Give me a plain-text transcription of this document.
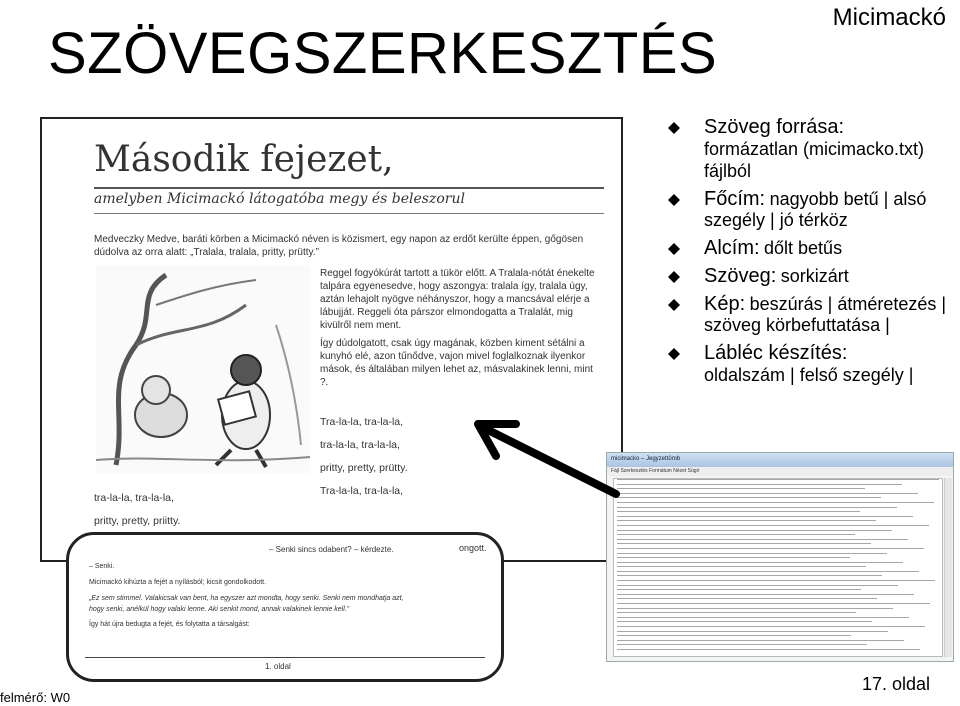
Micimackó
SZÖVEGSZERKESZTÉS
Második fejezet,
amelyben Micimackó látogatóba megy és beleszorul
Medveczky Medve, baráti körben a Micimackó néven is közismert, egy napon az erdőt kerülte éppen, gőgösen dúdolva az orra alatt: „Tralala, tralala, pritty, prütty.”

Reggel fogyókúrát tartott a tükör előtt. A Tralala-nótát énekelte talpára egyenesedve, hogy aszongya: tralala így, tralala úgy, aztán lehajolt nyögve néhányszor, hogy a mancsával elérje a lábujját. Reggeli óta párszor elmondogatta a Tralalát, mig kivülről nem ment.

Így dúdolgatott, csak úgy magának, közben kiment sétálni a kunyhó elé, azon tűnődve, vajon mivel foglalkoznak ilyenkor mások, és általában milyen lehet az, másvalakinek lenni, mint ?.

Tra-la-la, tra-la-la,
tra-la-la, tra-la-la,
pritty, pretty, prütty.
Tra-la-la, tra-la-la,
tra-la-la, tra-la-la,
pritty, pretty, priitty.
– Senki sincs odabent? – kérdezte.	ongott.
– Senki.
Micimackó kihúzta a fejét a nyílásból; kicsit gondolkodott.
„Ez sem stimmel. Valakicsak van bent, ha egyszer azt mondta, hogy senki. Senki nem mondhatja azt,
hogy senki, anélkül hogy valaki lenne. Aki senkit mond, annak valakinek lennie kell.”
Így hát újra bedugta a fejét, és folytatta a társalgást:
1. oldal
micimacko – Jegyzettömb
Fájl Szerkesztés Formátum Nézet Súgó
Szöveg forrása:
formázatlan (micimacko.txt) fájlból
Főcím: nagyobb betű | alsó szegély | jó térköz
Alcím: dőlt betűs
Szöveg: sorkizárt
Kép: beszúrás | átméretezés | szöveg körbefuttatása |
Lábléc készítés:
oldalszám | felső szegély |
felmérő: W0
17. oldal
